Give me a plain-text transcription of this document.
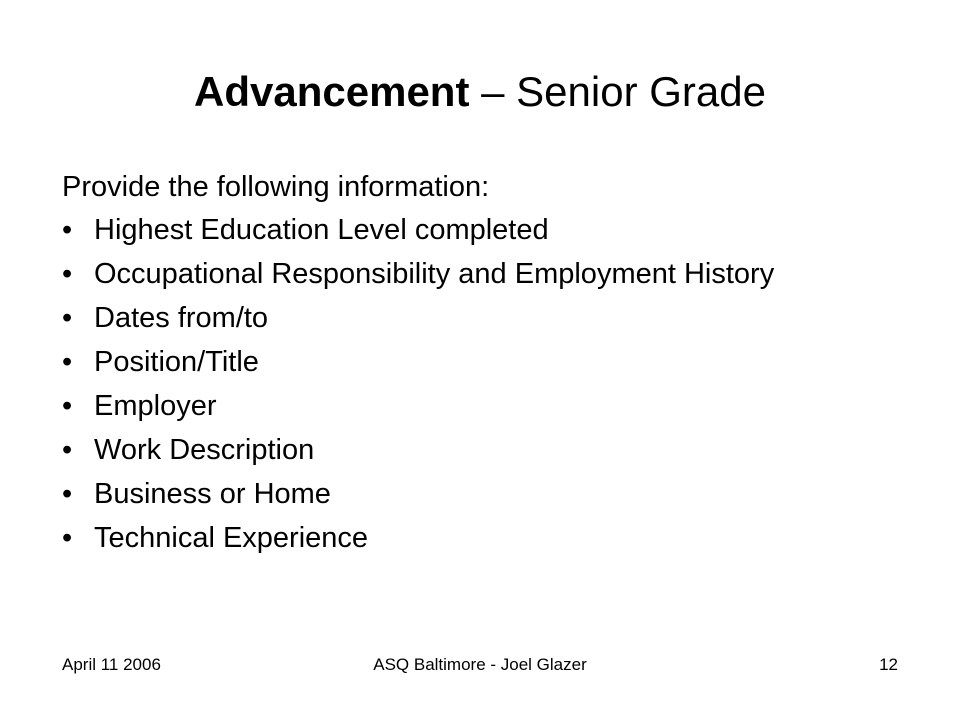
Advancement – Senior Grade
Provide the following information:
• Highest Education Level completed
• Occupational Responsibility and Employment History
• Dates from/to
• Position/Title
• Employer
• Work Description
• Business or Home
• Technical Experience
April 11 2006	ASQ Baltimore - Joel Glazer	12
